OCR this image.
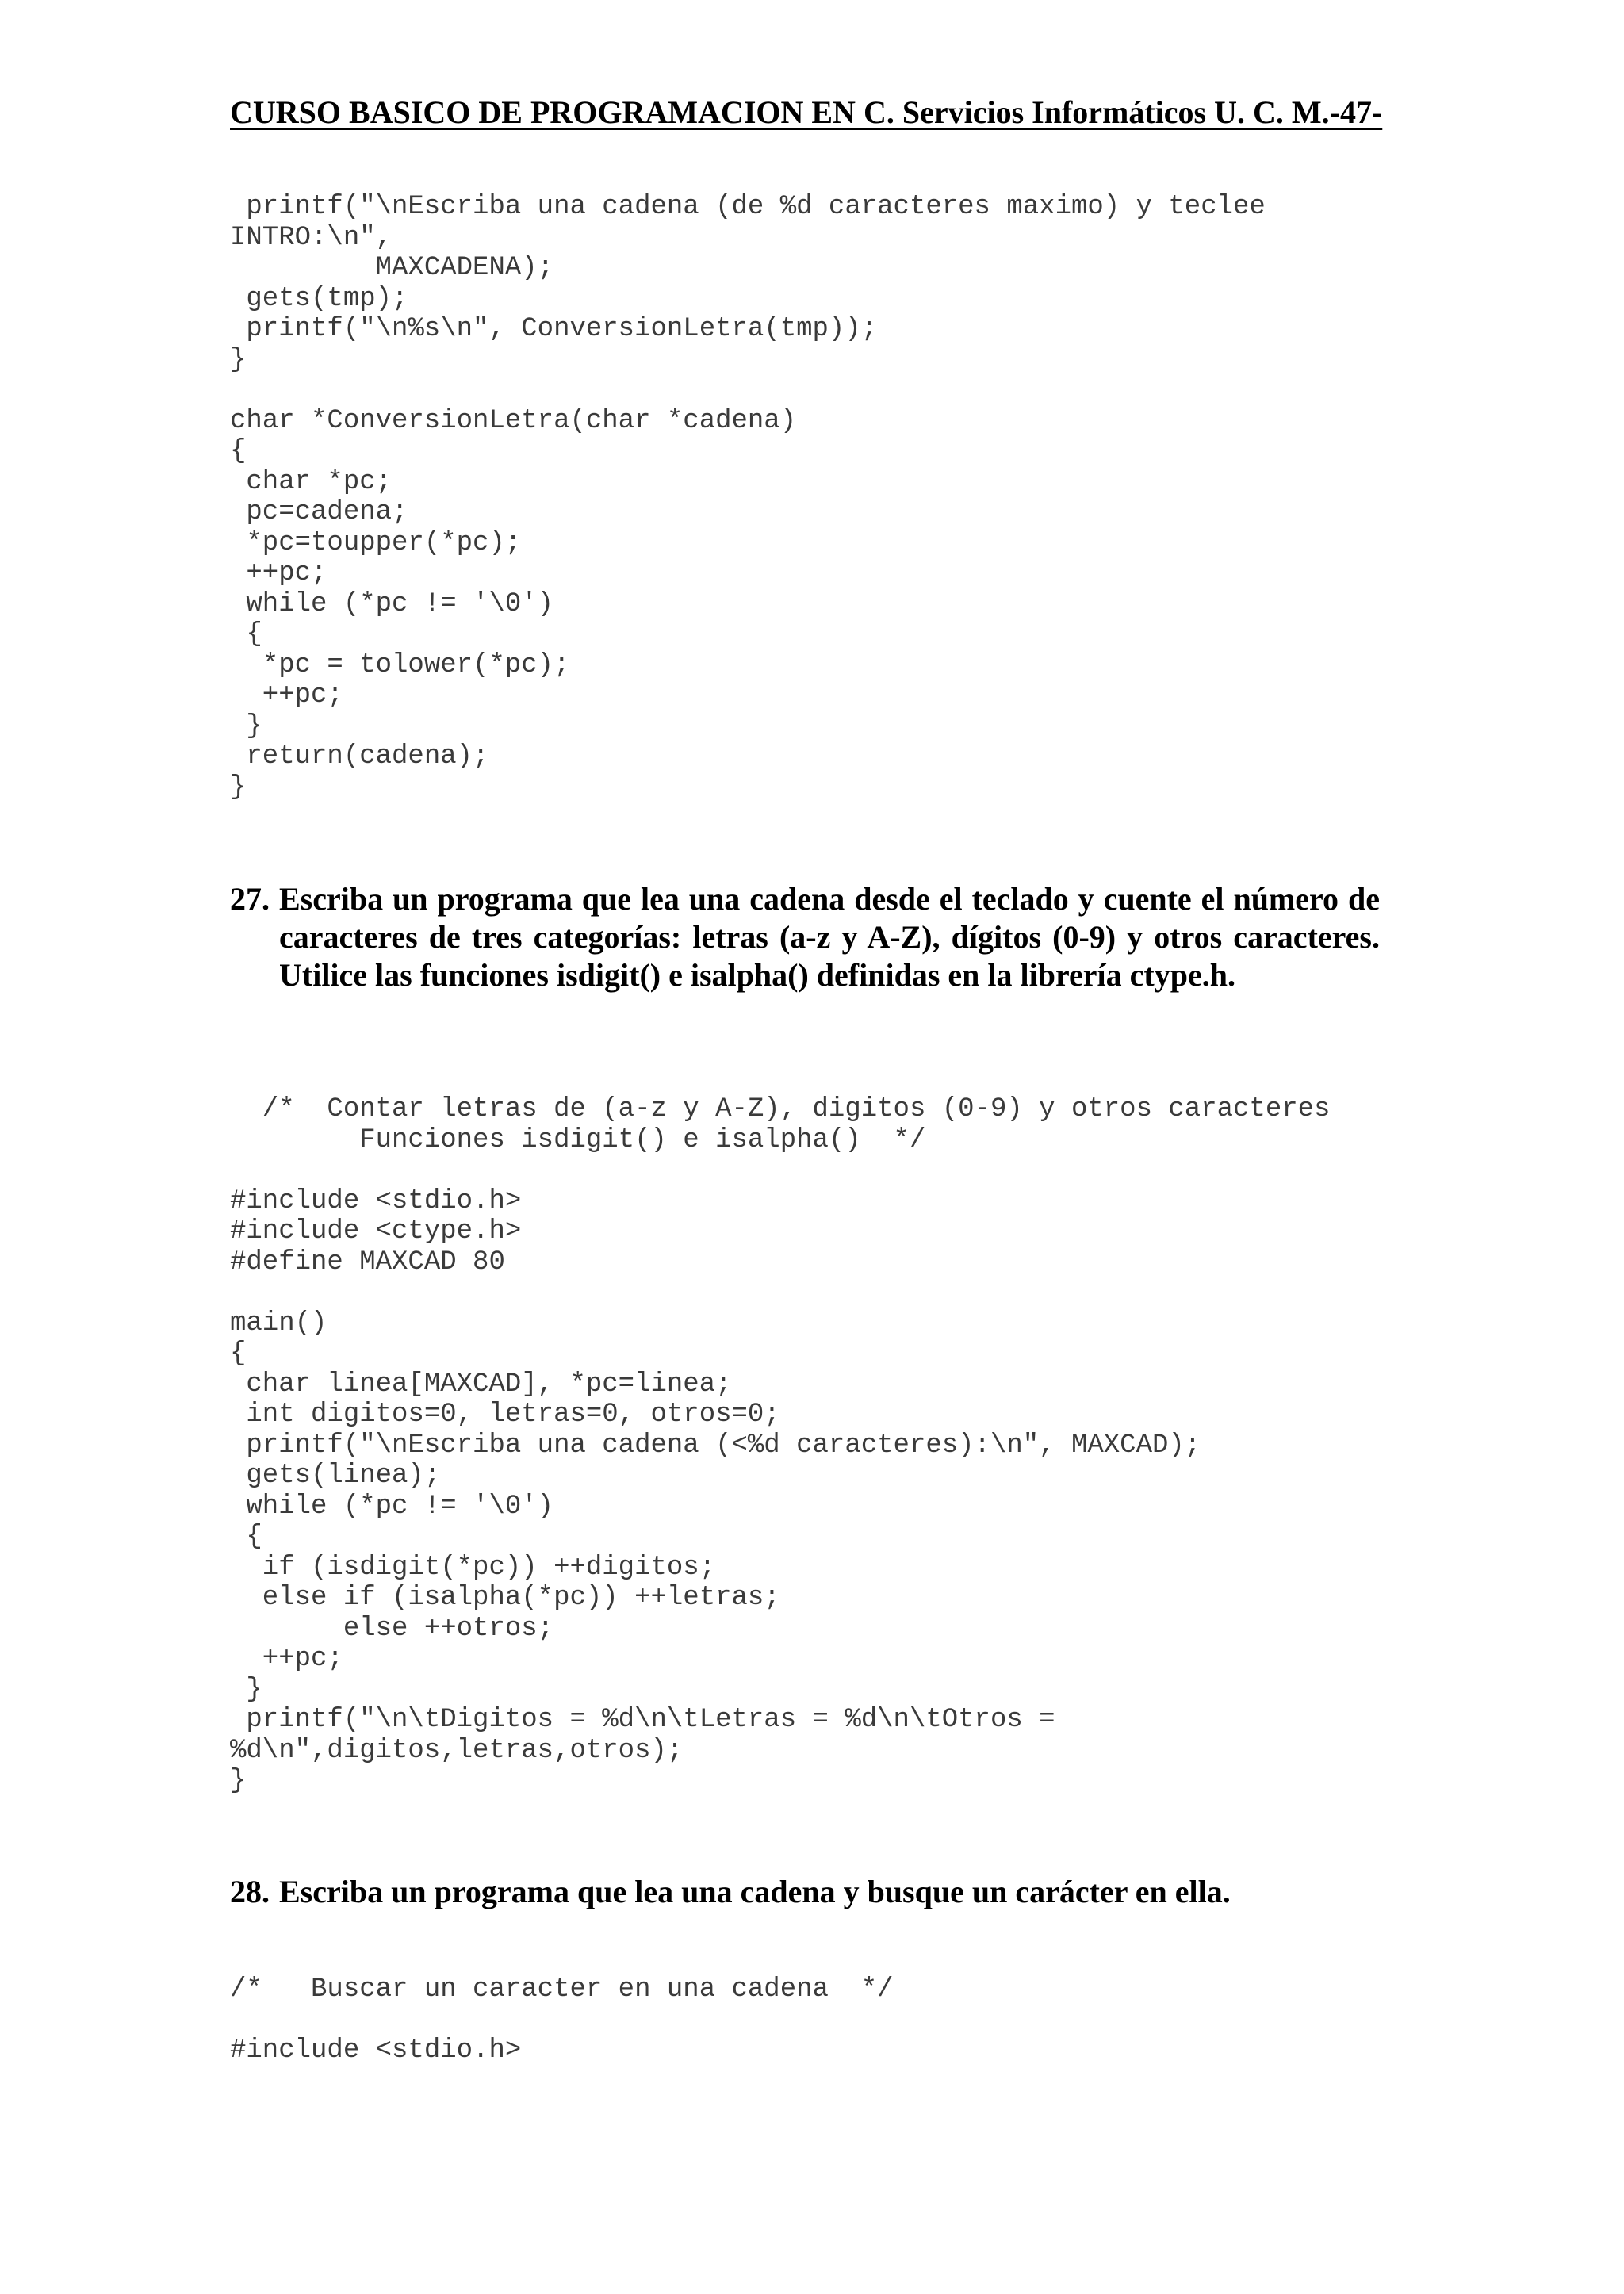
CURSO BASICO DE PROGRAMACION EN C. Servicios Informáticos U. C. M.-47-
printf("\nEscriba una cadena (de %d caracteres maximo) y teclee
INTRO:\n",
MAXCADENA);
gets(tmp);
printf("\n%s\n", ConversionLetra(tmp));
}

char *ConversionLetra(char *cadena)
{
char *pc;
pc=cadena;
*pc=toupper(*pc);
++pc;
while (*pc != '\0')
{
*pc = tolower(*pc);
++pc;
}
return(cadena);
}
27. Escriba un programa que lea una cadena desde el teclado y cuente el número de caracteres de tres categorías: letras (a-z y A-Z), dígitos (0-9) y otros caracteres. Utilice las funciones isdigit() e isalpha() definidas en la librería ctype.h.
/*  Contar letras de (a-z y A-Z), digitos (0-9) y otros caracteres
Funciones isdigit() e isalpha()  */

#include <stdio.h>
#include <ctype.h>
#define MAXCAD 80

main()
{
char linea[MAXCAD], *pc=linea;
int digitos=0, letras=0, otros=0;
printf("\nEscriba una cadena (<%d caracteres):\n", MAXCAD);
gets(linea);
while (*pc != '\0')
{
if (isdigit(*pc)) ++digitos;
else if (isalpha(*pc)) ++letras;
else ++otros;
++pc;
}
printf("\n\tDigitos = %d\n\tLetras = %d\n\tOtros =
%d\n",digitos,letras,otros);
}
28. Escriba un programa que lea una cadena y busque un carácter en ella.
/*   Buscar un caracter en una cadena  */

#include <stdio.h>
